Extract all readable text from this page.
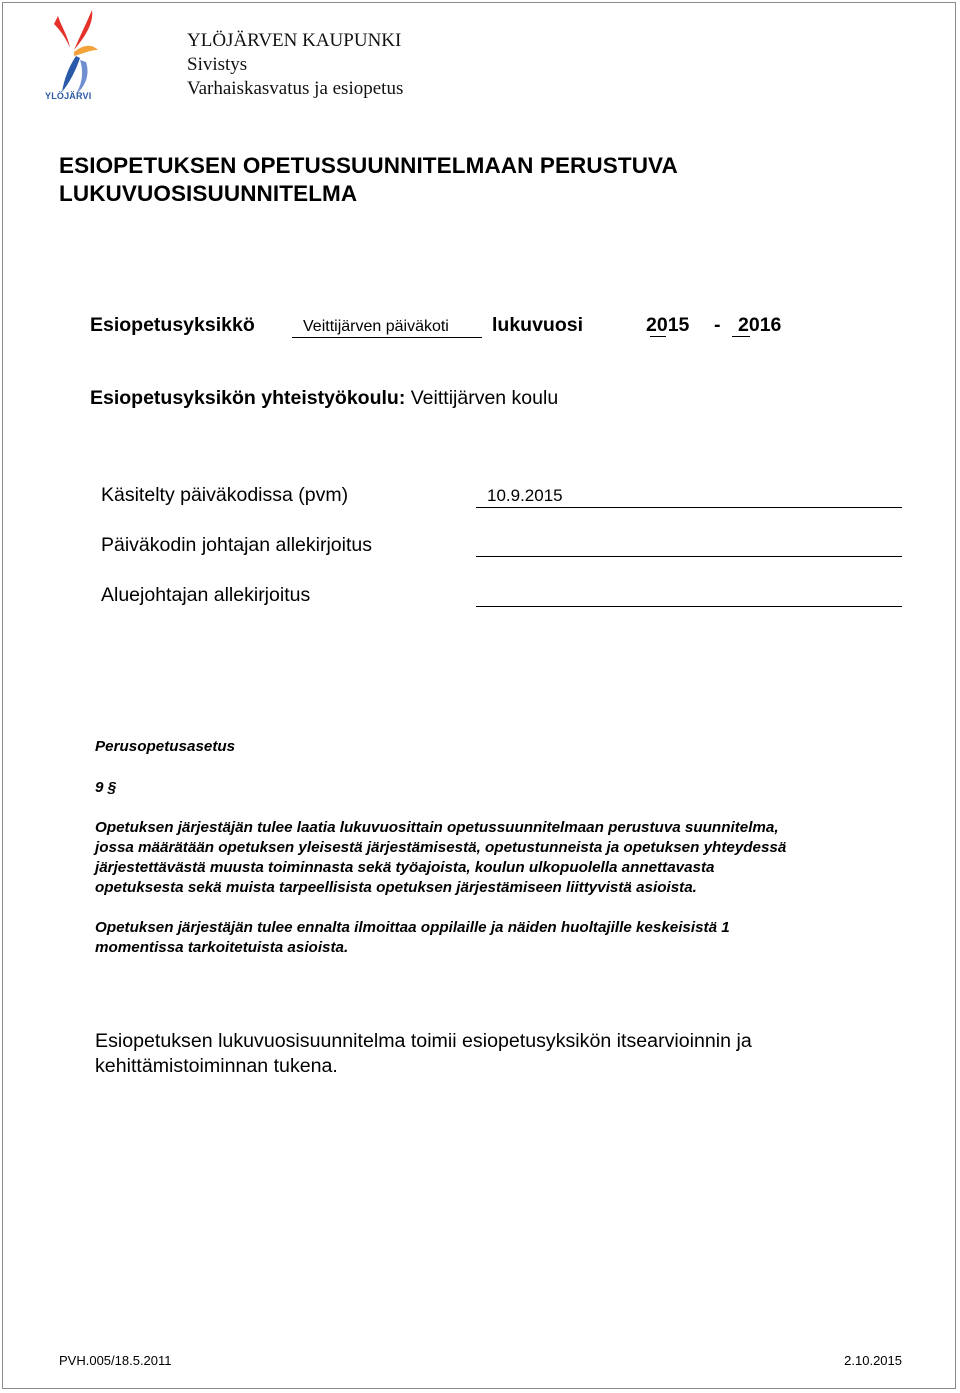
YLÖJÄRVI
YLÖJÄRVEN KAUPUNKI
Sivistys
Varhaiskasvatus ja esiopetus
ESIOPETUKSEN OPETUSSUUNNITELMAAN PERUSTUVA
LUKUVUOSISUUNNITELMA
Esiopetusyksikkö	Veittijärven päiväkoti	lukuvuosi	2015 - 2016
Esiopetusyksikön yhteistyökoulu: Veittijärven koulu
Käsitelty päiväkodissa (pvm)	10.9.2015
Päiväkodin johtajan allekirjoitus
Aluejohtajan allekirjoitus
Perusopetusasetus
9 §
Opetuksen järjestäjän tulee laatia lukuvuosittain opetussuunnitelmaan perustuva suunnitelma,
jossa määrätään opetuksen yleisestä järjestämisestä, opetustunneista ja opetuksen yhteydessä
järjestettävästä muusta toiminnasta sekä työajoista, koulun ulkopuolella annettavasta
opetuksesta sekä muista tarpeellisista opetuksen järjestämiseen liittyvistä asioista.
Opetuksen järjestäjän tulee ennalta ilmoittaa oppilaille ja näiden huoltajille keskeisistä 1
momentissa tarkoitetuista asioista.
Esiopetuksen lukuvuosisuunnitelma toimii esiopetusyksikön itsearvioinnin ja
kehittämistoiminnan tukena.
PVH.005/18.5.2011	2.10.2015
